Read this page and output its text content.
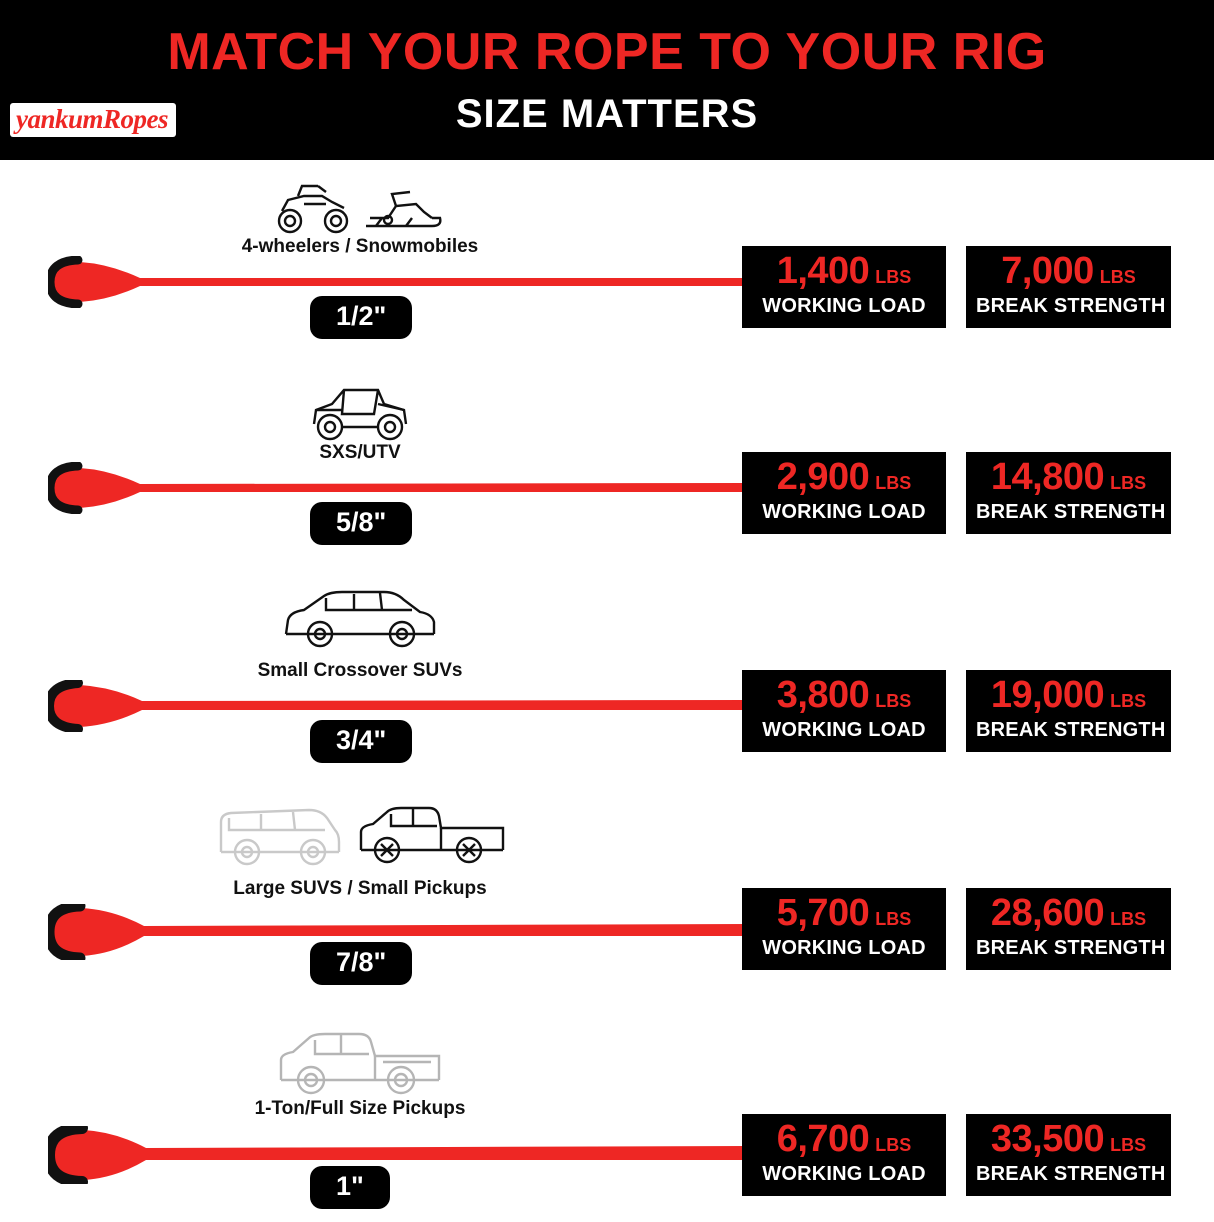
MATCH YOUR ROPE TO YOUR RIG
SIZE MATTERS
yankumRopes
4-wheelers / Snowmobiles
1/2"
1,400 LBS
WORKING LOAD
7,000 LBS
BREAK STRENGTH
SXS/UTV
5/8"
2,900 LBS
WORKING LOAD
14,800 LBS
BREAK STRENGTH
Small Crossover SUVs
3/4"
3,800 LBS
WORKING LOAD
19,000 LBS
BREAK STRENGTH
Large SUVS / Small Pickups
7/8"
5,700 LBS
WORKING LOAD
28,600 LBS
BREAK STRENGTH
1-Ton/Full Size Pickups
1"
6,700 LBS
WORKING LOAD
33,500 LBS
BREAK STRENGTH
